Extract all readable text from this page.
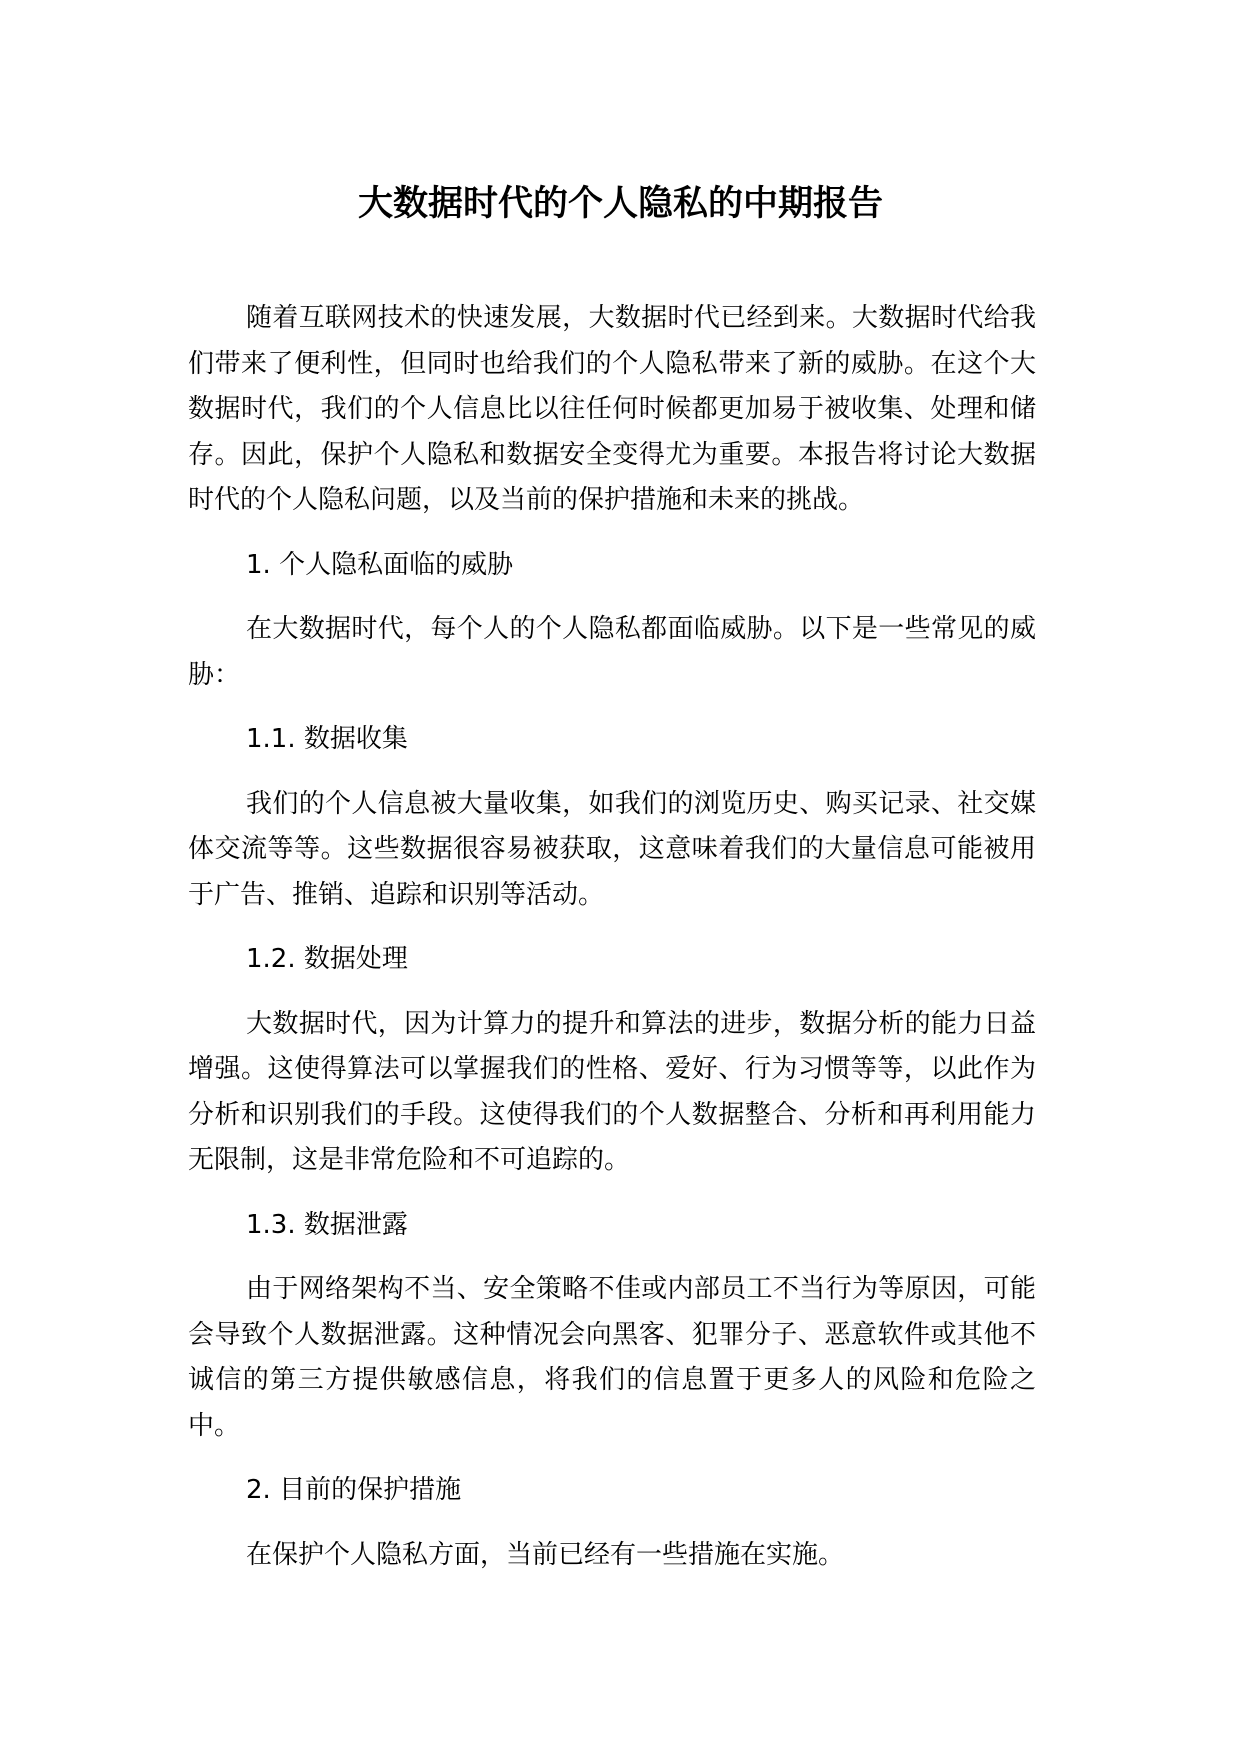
大数据时代的个人隐私的中期报告

随着互联网技术的快速发展，大数据时代已经到来。大数据时代给我们带来了便利性，但同时也给我们的个人隐私带来了新的威胁。在这个大数据时代，我们的个人信息比以往任何时候都更加易于被收集、处理和储存。因此，保护个人隐私和数据安全变得尤为重要。本报告将讨论大数据时代的个人隐私问题，以及当前的保护措施和未来的挑战。

1. 个人隐私面临的威胁

在大数据时代，每个人的个人隐私都面临威胁。以下是一些常见的威胁：

1.1. 数据收集

我们的个人信息被大量收集，如我们的浏览历史、购买记录、社交媒体交流等等。这些数据很容易被获取，这意味着我们的大量信息可能被用于广告、推销、追踪和识别等活动。

1.2. 数据处理

大数据时代，因为计算力的提升和算法的进步，数据分析的能力日益增强。这使得算法可以掌握我们的性格、爱好、行为习惯等等，以此作为分析和识别我们的手段。这使得我们的个人数据整合、分析和再利用能力无限制，这是非常危险和不可追踪的。

1.3. 数据泄露

由于网络架构不当、安全策略不佳或内部员工不当行为等原因，可能会导致个人数据泄露。这种情况会向黑客、犯罪分子、恶意软件或其他不诚信的第三方提供敏感信息，将我们的信息置于更多人的风险和危险之中。

2. 目前的保护措施

在保护个人隐私方面，当前已经有一些措施在实施。
